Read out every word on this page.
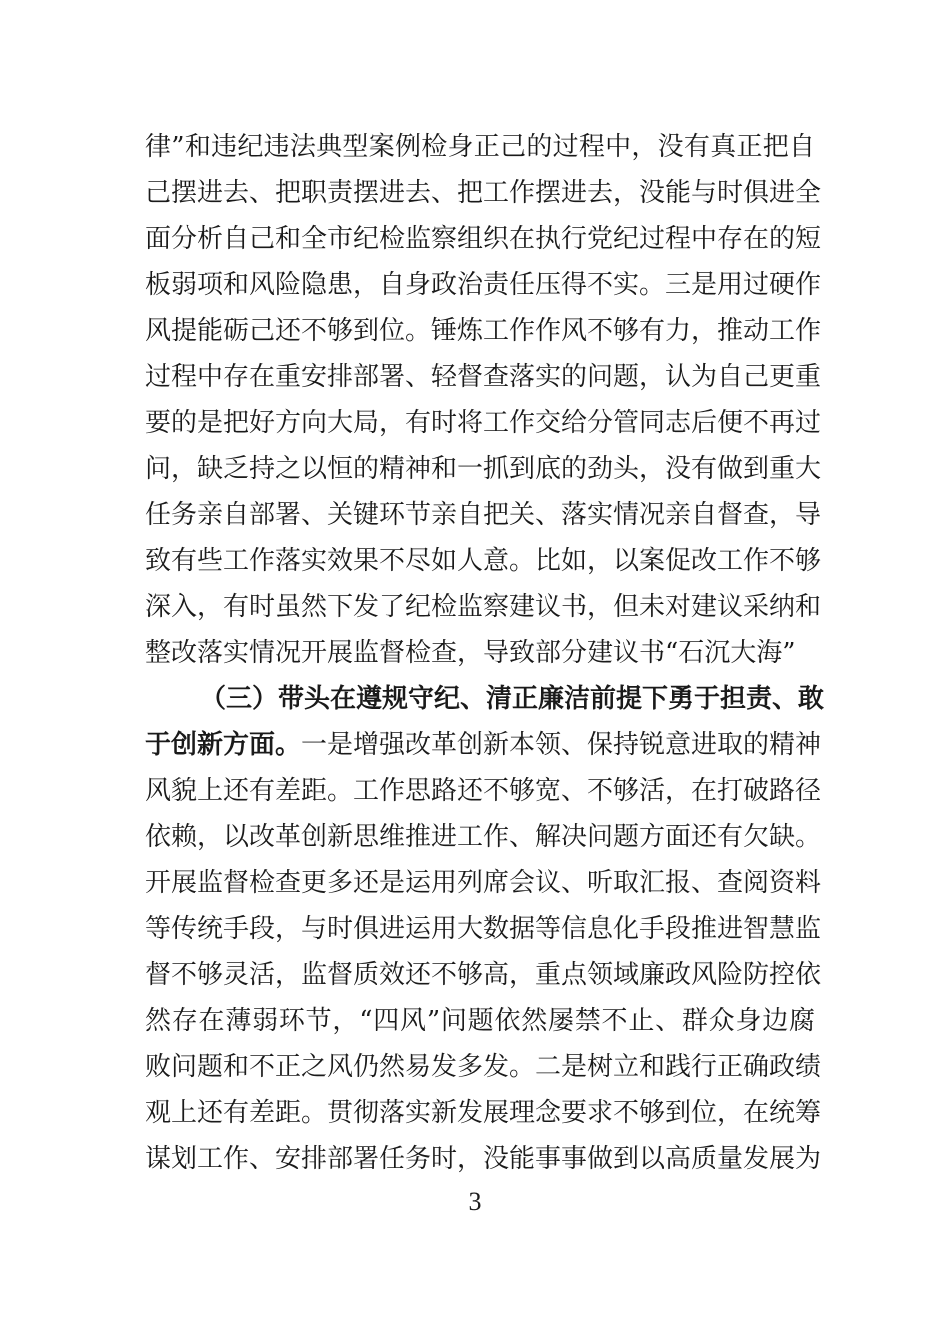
律”和违纪违法典型案例检身正己的过程中，没有真正把自
己摆进去、把职责摆进去、把工作摆进去，没能与时俱进全
面分析自己和全市纪检监察组织在执行党纪过程中存在的短
板弱项和风险隐患，自身政治责任压得不实。三是用过硬作
风提能砺己还不够到位。锤炼工作作风不够有力，推动工作
过程中存在重安排部署、轻督查落实的问题，认为自己更重
要的是把好方向大局，有时将工作交给分管同志后便不再过
问，缺乏持之以恒的精神和一抓到底的劲头，没有做到重大
任务亲自部署、关键环节亲自把关、落实情况亲自督查，导
致有些工作落实效果不尽如人意。比如，以案促改工作不够
深入，有时虽然下发了纪检监察建议书，但未对建议采纳和
整改落实情况开展监督检查，导致部分建议书“石沉大海”
（三）带头在遵规守纪、清正廉洁前提下勇于担责、敢
于创新方面。一是增强改革创新本领、保持锐意进取的精神
风貌上还有差距。工作思路还不够宽、不够活，在打破路径
依赖，以改革创新思维推进工作、解决问题方面还有欠缺。
开展监督检查更多还是运用列席会议、听取汇报、查阅资料
等传统手段，与时俱进运用大数据等信息化手段推进智慧监
督不够灵活，监督质效还不够高，重点领域廉政风险防控依
然存在薄弱环节，“四风”问题依然屡禁不止、群众身边腐
败问题和不正之风仍然易发多发。二是树立和践行正确政绩
观上还有差距。贯彻落实新发展理念要求不够到位，在统筹
谋划工作、安排部署任务时，没能事事做到以高质量发展为
3
